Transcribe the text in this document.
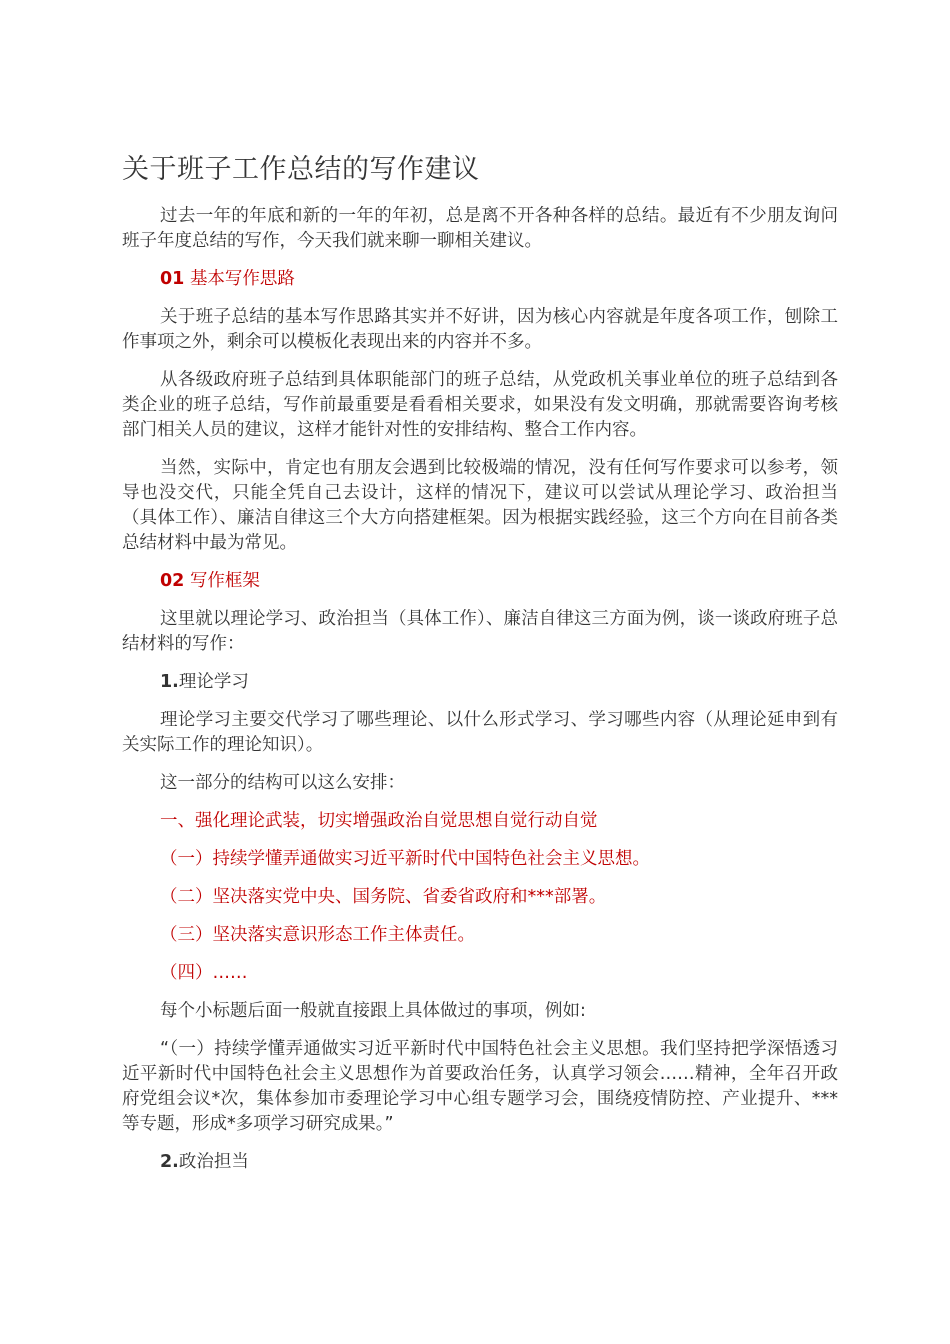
关于班子工作总结的写作建议

过去一年的年底和新的一年的年初，总是离不开各种各样的总结。最近有不少朋友询问班子年度总结的写作，今天我们就来聊一聊相关建议。

01 基本写作思路

关于班子总结的基本写作思路其实并不好讲，因为核心内容就是年度各项工作，刨除工作事项之外，剩余可以模板化表现出来的内容并不多。

从各级政府班子总结到具体职能部门的班子总结，从党政机关事业单位的班子总结到各类企业的班子总结，写作前最重要是看看相关要求，如果没有发文明确，那就需要咨询考核部门相关人员的建议，这样才能针对性的安排结构、整合工作内容。

当然，实际中，肯定也有朋友会遇到比较极端的情况，没有任何写作要求可以参考，领导也没交代，只能全凭自己去设计，这样的情况下，建议可以尝试从理论学习、政治担当（具体工作）、廉洁自律这三个大方向搭建框架。因为根据实践经验，这三个方向在目前各类总结材料中最为常见。

02 写作框架

这里就以理论学习、政治担当（具体工作）、廉洁自律这三方面为例，谈一谈政府班子总结材料的写作：

1.理论学习

理论学习主要交代学习了哪些理论、以什么形式学习、学习哪些内容（从理论延申到有关实际工作的理论知识）。

这一部分的结构可以这么安排：

一、强化理论武装，切实增强政治自觉思想自觉行动自觉

（一）持续学懂弄通做实习近平新时代中国特色社会主义思想。

（二）坚决落实党中央、国务院、省委省政府和***部署。

（三）坚决落实意识形态工作主体责任。

（四）……

每个小标题后面一般就直接跟上具体做过的事项，例如:

“（一）持续学懂弄通做实习近平新时代中国特色社会主义思想。我们坚持把学深悟透习近平新时代中国特色社会主义思想作为首要政治任务，认真学习领会……精神，全年召开政府党组会议*次，集体参加市委理论学习中心组专题学习会，围绕疫情防控、产业提升、***等专题，形成*多项学习研究成果。”

2.政治担当
